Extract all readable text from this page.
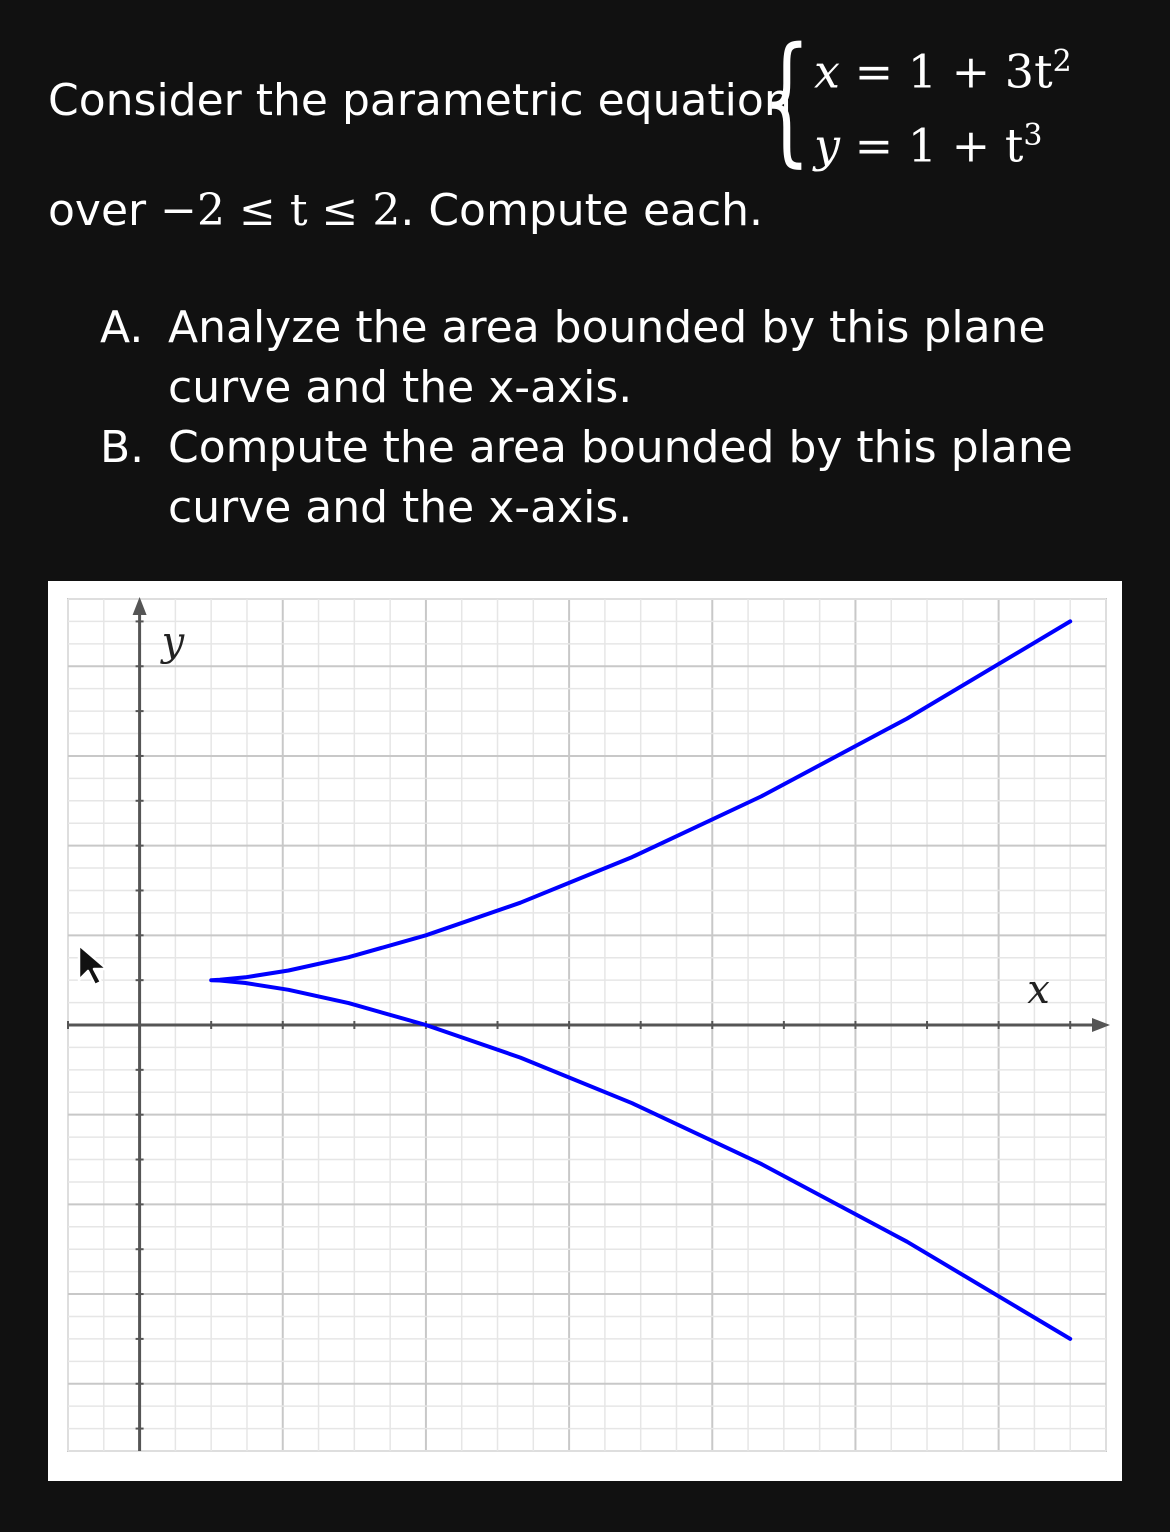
Consider the parametric equation
{ $x = 1 + 3t^2$
$y = 1 + t^3$
over −2 ≤ t ≤ 2. Compute each.
A. Analyze the area bounded by this plane curve and the x-axis.
B. Compute the area bounded by this plane curve and the x-axis.
x
y
